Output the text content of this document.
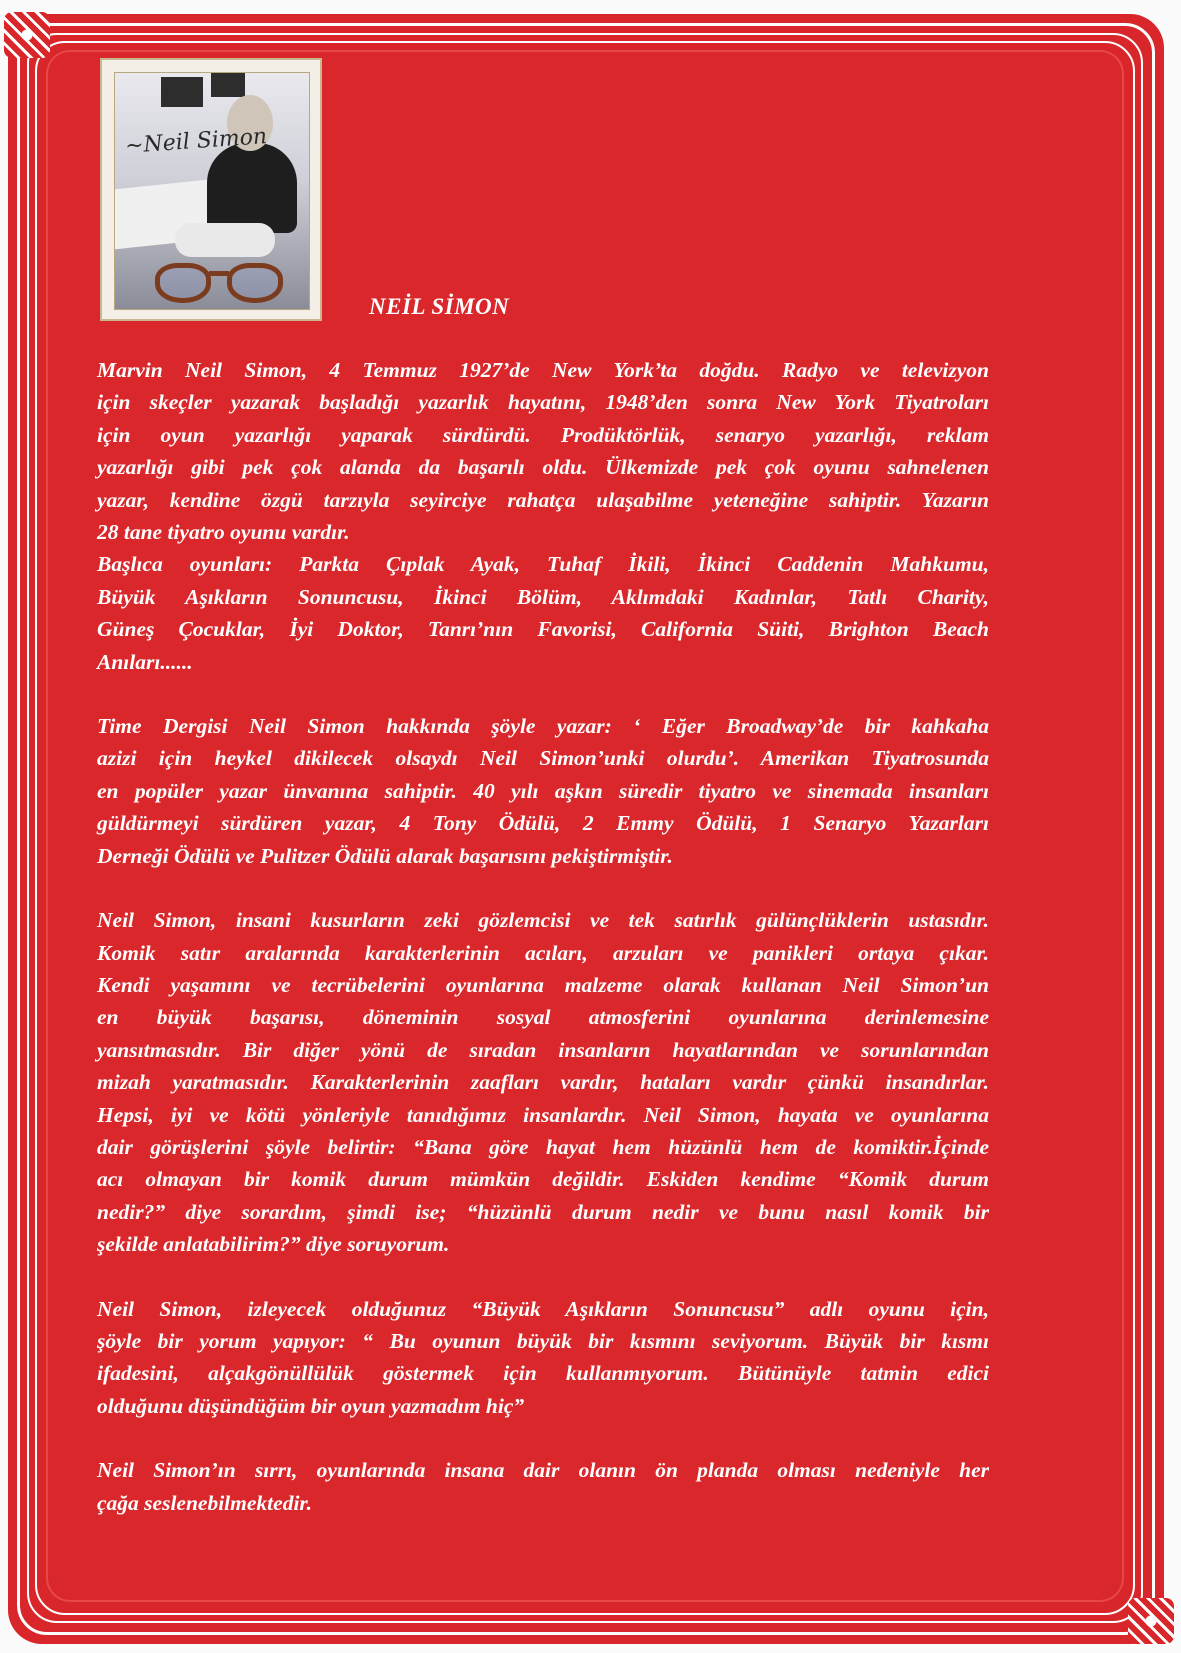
~Neil Simon
NEİL SİMON

Marvin Neil Simon, 4 Temmuz 1927’de New York’ta doğdu. Radyo ve televizyon
için skeçler yazarak başladığı yazarlık hayatını, 1948’den sonra New York Tiyatroları
için oyun yazarlığı yaparak sürdürdü. Prodüktörlük, senaryo yazarlığı, reklam
yazarlığı gibi pek çok alanda da başarılı oldu. Ülkemizde pek çok oyunu sahnelenen
yazar, kendine özgü tarzıyla seyirciye rahatça ulaşabilme yeteneğine sahiptir. Yazarın
28 tane tiyatro oyunu vardır.

Başlıca oyunları: Parkta Çıplak Ayak, Tuhaf İkili, İkinci Caddenin Mahkumu,
Büyük Aşıkların Sonuncusu, İkinci Bölüm, Aklımdaki Kadınlar, Tatlı Charity,
Güneş Çocuklar, İyi Doktor, Tanrı’nın Favorisi, California Süiti, Brighton Beach
Anıları......

Time Dergisi Neil Simon hakkında şöyle yazar: ‘ Eğer Broadway’de bir kahkaha
azizi için heykel dikilecek olsaydı Neil Simon’unki olurdu’. Amerikan Tiyatrosunda
en popüler yazar ünvanına sahiptir. 40 yılı aşkın süredir tiyatro ve sinemada insanları
güldürmeyi sürdüren yazar, 4 Tony Ödülü, 2 Emmy Ödülü, 1 Senaryo Yazarları
Derneği Ödülü ve Pulitzer Ödülü alarak başarısını pekiştirmiştir.

Neil Simon, insani kusurların zeki gözlemcisi ve tek satırlık gülünçlüklerin ustasıdır.
Komik satır aralarında karakterlerinin acıları, arzuları ve panikleri ortaya çıkar.
Kendi yaşamını ve tecrübelerini oyunlarına malzeme olarak kullanan Neil Simon’un
en büyük başarısı, döneminin sosyal atmosferini oyunlarına derinlemesine
yansıtmasıdır. Bir diğer yönü de sıradan insanların hayatlarından ve sorunlarından
mizah yaratmasıdır. Karakterlerinin zaafları vardır, hataları vardır çünkü insandırlar.
Hepsi, iyi ve kötü yönleriyle tanıdığımız insanlardır. Neil Simon, hayata ve oyunlarına
dair görüşlerini şöyle belirtir: “Bana göre hayat hem hüzünlü hem de komiktir.İçinde
acı olmayan bir komik durum mümkün değildir. Eskiden kendime “Komik durum
nedir?” diye sorardım, şimdi ise; “hüzünlü durum nedir ve bunu nasıl komik bir
şekilde anlatabilirim?” diye soruyorum.

Neil Simon, izleyecek olduğunuz “Büyük Aşıkların Sonuncusu” adlı oyunu için,
şöyle bir yorum yapıyor: “ Bu oyunun büyük bir kısmını seviyorum. Büyük bir kısmı
ifadesini, alçakgönüllülük göstermek için kullanmıyorum. Bütünüyle tatmin edici
olduğunu düşündüğüm bir oyun yazmadım hiç”

Neil Simon’ın sırrı, oyunlarında insana dair olanın ön planda olması nedeniyle her
çağa seslenebilmektedir.
